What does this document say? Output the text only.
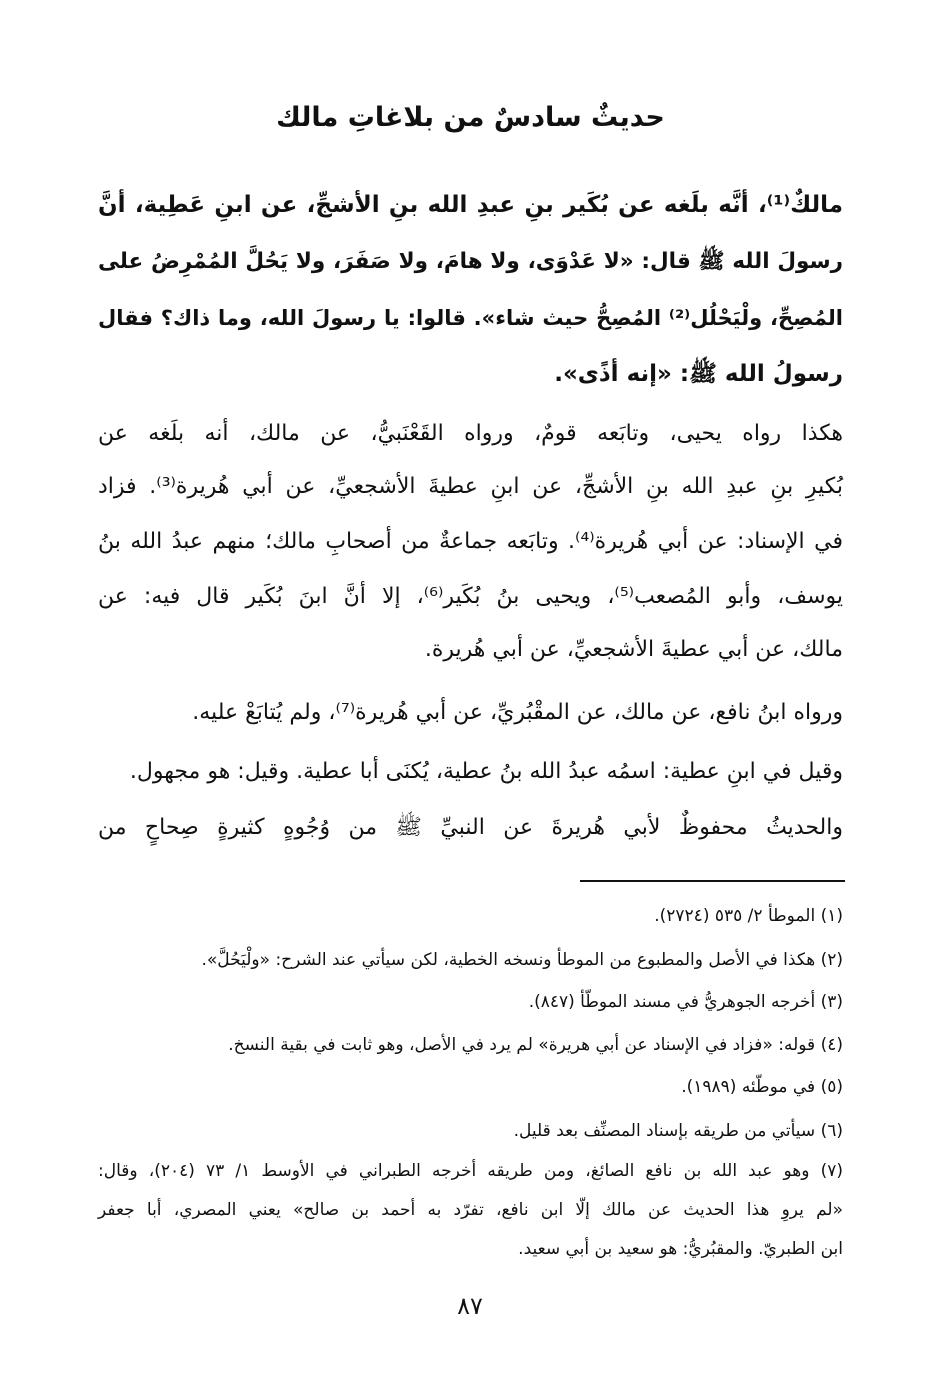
حديثٌ سادسٌ من بلاغاتِ مالك
مالكٌ⁽¹⁾، أنَّه بلَغه عن بُكَير بنِ عبدِ الله بنِ الأشجِّ، عن ابنِ عَطِية، أنَّ
رسولَ الله ﷺ قال: «لا عَدْوَى، ولا هامَ، ولا صَفَرَ، ولا يَحُلَّ المُمْرِضُ على
المُصِحِّ، ولْيَحْلُل⁽²⁾ المُصِحُّ حيث شاء». قالوا: يا رسولَ الله، وما ذاك؟ فقال
رسولُ الله ﷺ: «إنه أذًى».
هكذا رواه يحيى، وتابَعه قومٌ، ورواه القَعْنَبيُّ، عن مالك، أنه بلَغه عن
بُكيرِ بنِ عبدِ الله بنِ الأشجِّ، عن ابنِ عطيةَ الأشجعيِّ، عن أبي هُريرة⁽³⁾. فزاد
في الإسناد: عن أبي هُريرة⁽⁴⁾. وتابَعه جماعةٌ من أصحابِ مالك؛ منهم عبدُ الله بنُ
يوسف، وأبو المُصعب⁽⁵⁾، ويحيى بنُ بُكَير⁽⁶⁾، إلا أنَّ ابنَ بُكَير قال فيه: عن
مالك، عن أبي عطيةَ الأشجعيِّ، عن أبي هُريرة.
ورواه ابنُ نافع، عن مالك، عن المقْبُريِّ، عن أبي هُريرة⁽⁷⁾، ولم يُتابَعْ عليه.
وقيل في ابنِ عطية: اسمُه عبدُ الله بنُ عطية، يُكنَى أبا عطية. وقيل: هو مجهول.
والحديثُ محفوظٌ لأبي هُريرةَ عن النبيِّ ﷺ من وُجُوهٍ كثيرةٍ صِحاحٍ من
(١) الموطأ ٢/ ٥٣٥ (٢٧٢٤).
(٢) هكذا في الأصل والمطبوع من الموطأ ونسخه الخطية، لكن سيأتي عند الشرح: «ولْيَحُلَّ».
(٣) أخرجه الجوهريُّ في مسند الموطّأ (٨٤٧).
(٤) قوله: «فزاد في الإسناد عن أبي هريرة» لم يرد في الأصل، وهو ثابت في بقية النسخ.
(٥) في موطّئه (١٩٨٩).
(٦) سيأتي من طريقه بإسناد المصنِّف بعد قليل.
(٧) وهو عبد الله بن نافع الصائغ، ومن طريقه أخرجه الطبراني في الأوسط ١/ ٧٣ (٢٠٤)، وقال:
«لم يروِ هذا الحديث عن مالك إلّا ابن نافع، تفرّد به أحمد بن صالح» يعني المصري، أبا جعفر
ابن الطبريّ. والمقبُريُّ: هو سعيد بن أبي سعيد.
٨٧
